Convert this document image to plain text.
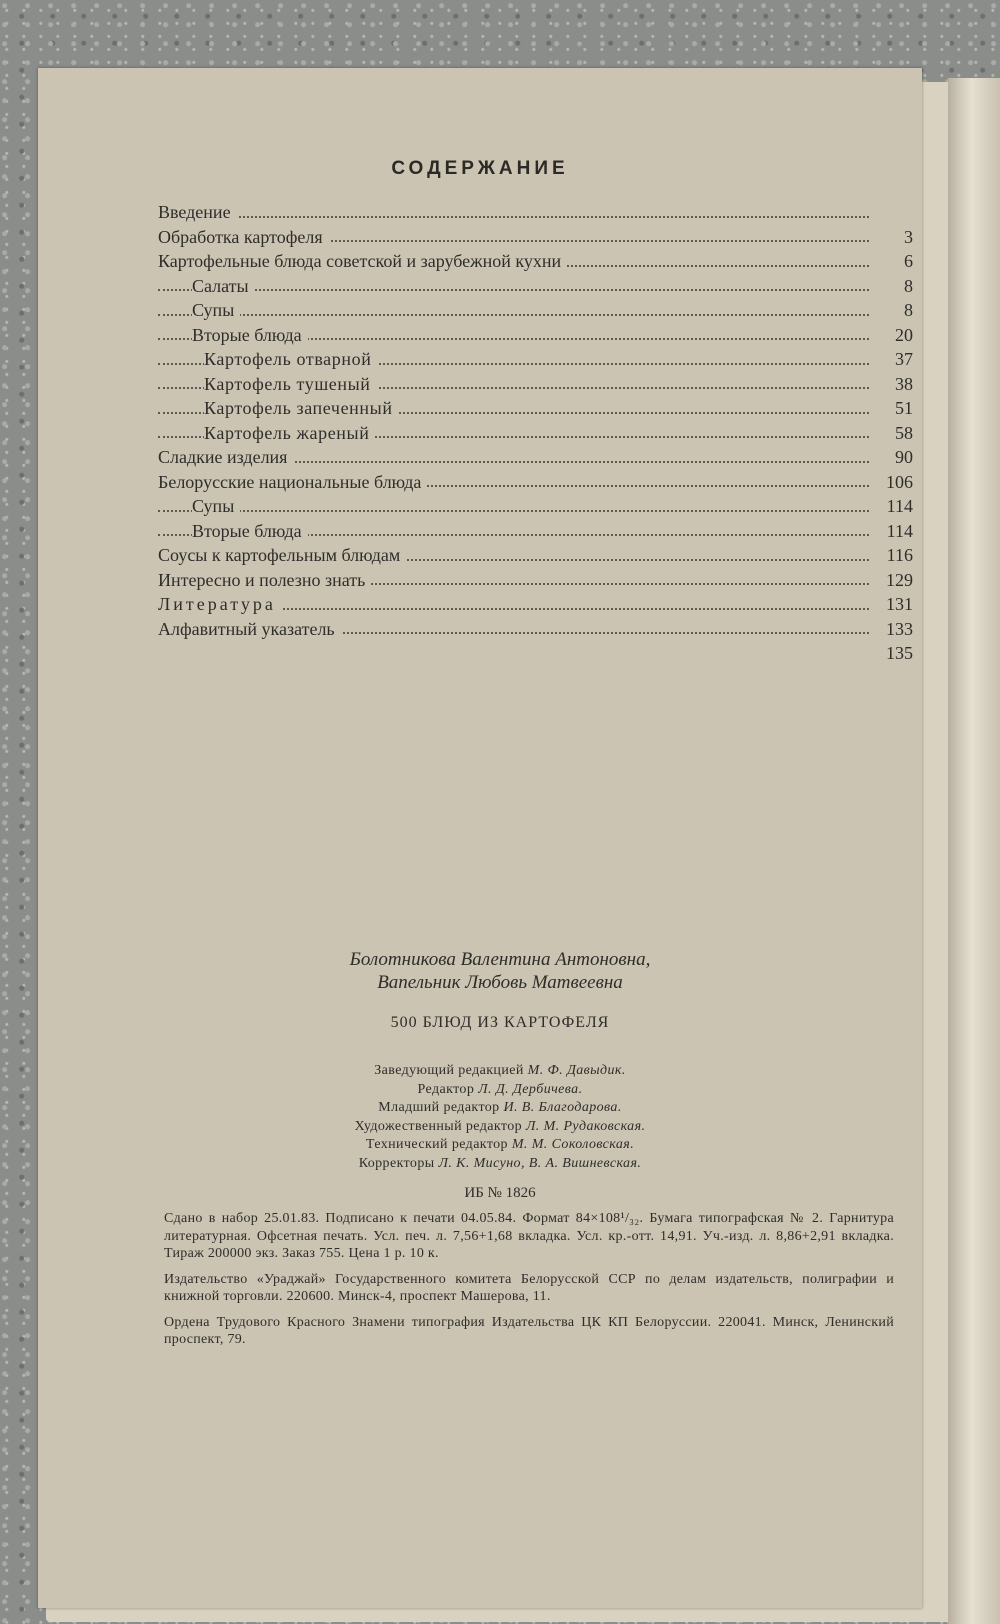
СОДЕРЖАНИЕ
Введение
Обработка картофеля	3
Картофельные блюда советской и зарубежной кухни	6
Салаты	8
Супы	8
Вторые блюда	20
Картофель отварной	37
Картофель тушеный	38
Картофель запеченный	51
Картофель жареный	58
Сладкие изделия	90
Белорусские национальные блюда	106
Супы	114
Вторые блюда	114
Соусы к картофельным блюдам	116
Интересно и полезно знать	129
Литература	131
Алфавитный указатель	133
135
Болотникова Валентина Антоновна,
Вапельник Любовь Матвеевна
500 БЛЮД ИЗ КАРТОФЕЛЯ
Заведующий редакцией М. Ф. Давыдик.
Редактор Л. Д. Дербичева.
Младший редактор И. В. Благодарова.
Художественный редактор Л. М. Рудаковская.
Технический редактор М. М. Соколовская.
Корректоры Л. К. Мисуно, В. А. Вишневская.
ИБ № 1826
Сдано в набор 25.01.83. Подписано к печати 04.05.84. Формат 84×108¹/₃₂. Бумага типографская № 2. Гарнитура литературная. Офсетная печать. Усл. печ. л. 7,56+1,68 вкладка. Усл. кр.-отт. 14,91. Уч.-изд. л. 8,86+2,91 вкладка. Тираж 200000 экз. Заказ 755. Цена 1 р. 10 к.
Издательство «Ураджай» Государственного комитета Белорусской ССР по делам издательств, полиграфии и книжной торговли. 220600. Минск-4, проспект Машерова, 11.
Ордена Трудового Красного Знамени типография Издательства ЦК КП Белоруссии. 220041. Минск, Ленинский проспект, 79.
